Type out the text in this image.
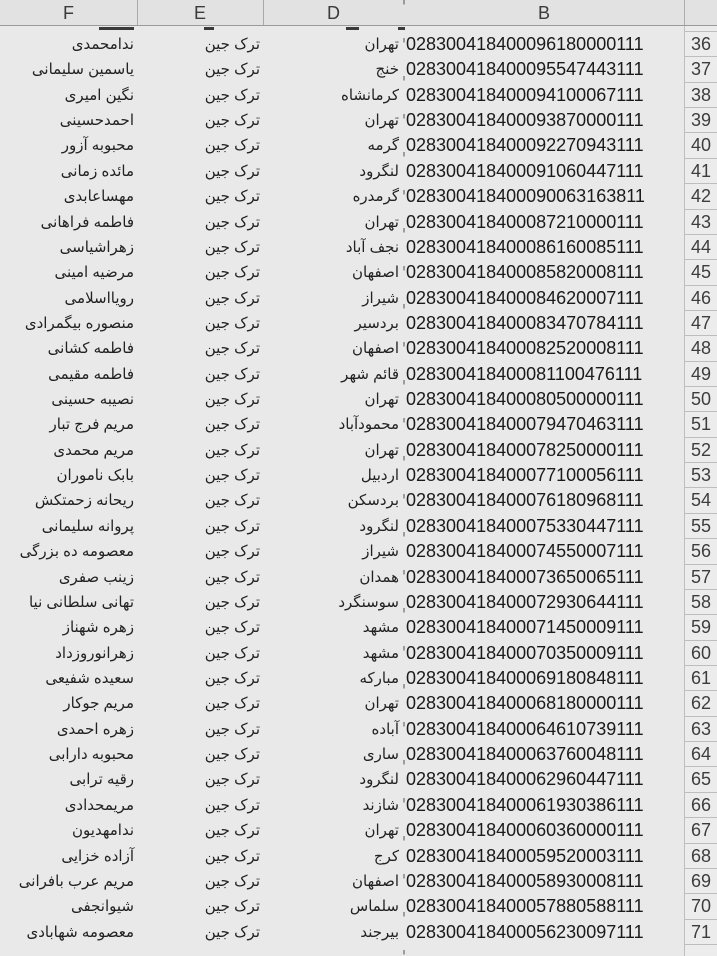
F	E	D	B
ندامحمدی	ترک جین	تهران 028300418400096180000111	36
یاسمین سلیمانی	ترک جین	خنج 028300418400095547443111	37
نگین امیری	ترک جین	کرمانشاه 028300418400094100067111	38
احمدحسینی	ترک جین	تهران 028300418400093870000111	39
محبوبه آزور	ترک جین	گرمه 028300418400092270943111	40
مائده زمانی	ترک جین	لنگرود 028300418400091060447111	41
مهساعابدی	ترک جین	گرمدره 028300418400090063163811	42
فاطمه فراهانی	ترک جین	تهران 028300418400087210000111	43
زهراشیاسی	ترک جین	نجف آباد 028300418400086160085111	44
مرضیه امینی	ترک جین	اصفهان 028300418400085820008111	45
رویااسلامی	ترک جین	شیراز 028300418400084620007111	46
منصوره بیگمرادی	ترک جین	بردسیر 028300418400083470784111	47
فاطمه کشانی	ترک جین	اصفهان 028300418400082520008111	48
فاطمه مقیمی	ترک جین	قائم شهر 028300418400081100476111	49
نصیبه حسینی	ترک جین	تهران 028300418400080500000111	50
مریم فرج تبار	ترک جین	محمودآباد 028300418400079470463111	51
مریم محمدی	ترک جین	تهران 028300418400078250000111	52
بابک ناموران	ترک جین	اردبیل 028300418400077100056111	53
ریحانه زحمتکش	ترک جین	بردسکن 028300418400076180968111	54
پروانه سلیمانی	ترک جین	لنگرود 028300418400075330447111	55
معصومه ده بزرگی	ترک جین	شیراز 028300418400074550007111	56
زینب صفری	ترک جین	همدان 028300418400073650065111	57
تهانی سلطانی نیا	ترک جین	سوسنگرد 028300418400072930644111	58
زهره شهناز	ترک جین	مشهد 028300418400071450009111	59
زهرانوروزداد	ترک جین	مشهد 028300418400070350009111	60
سعیده شفیعی	ترک جین	مبارکه 028300418400069180848111	61
مریم جوکار	ترک جین	تهران 028300418400068180000111	62
زهره احمدی	ترک جین	آباده 028300418400064610739111	63
محبوبه دارابی	ترک جین	ساری 028300418400063760048111	64
رقیه ترابی	ترک جین	لنگرود 028300418400062960447111	65
مریمحدادی	ترک جین	شازند 028300418400061930386111	66
ندامهدیون	ترک جین	تهران 028300418400060360000111	67
آزاده خزایی	ترک جین	کرج 028300418400059520003111	68
مریم عرب بافرانی	ترک جین	اصفهان 028300418400058930008111	69
شیوانجفی	ترک جین	سلماس 028300418400057880588111	70
معصومه شهابادی	ترک جین	بیرجند 028300418400056230097111	71
